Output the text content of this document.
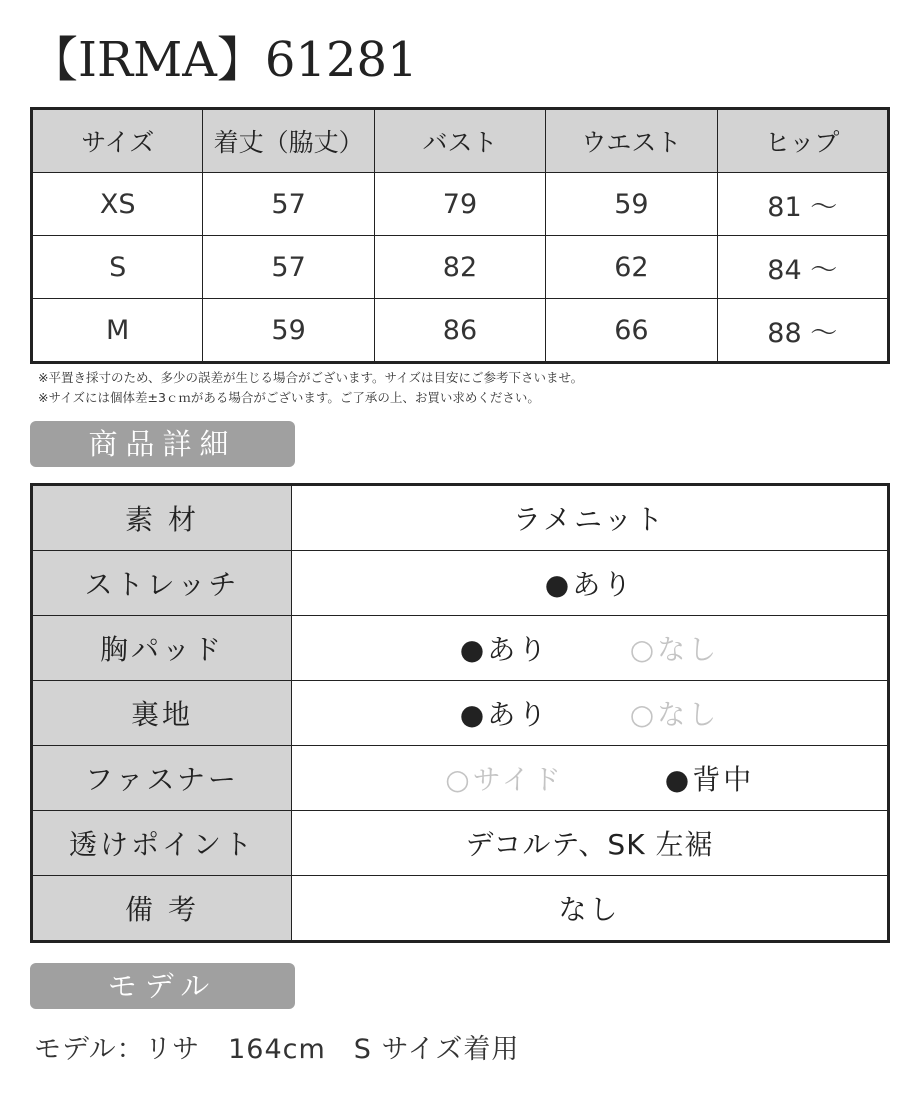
【IRMA】61281
サイズ	着丈（脇丈）	バスト	ウエスト	ヒップ
XS	57	79	59	81 ～
S	57	82	62	84 ～
M	59	86	66	88 ～
※平置き採寸のため、多少の誤差が生じる場合がございます。サイズは目安にご参考下さいませ。
※サイズには個体差±3ｃｍがある場合がございます。ご了承の上、お買い求めください。
商品詳細
素 材	ラメニット
ストレッチ	●あり
胸パッド	●あり ○なし
裏地	●あり ○なし
ファスナー	○サイド ●背中
透けポイント	デコルテ、SK 左裾
備 考	なし
モデル
モデル：リサ　164cm　S サイズ着用
